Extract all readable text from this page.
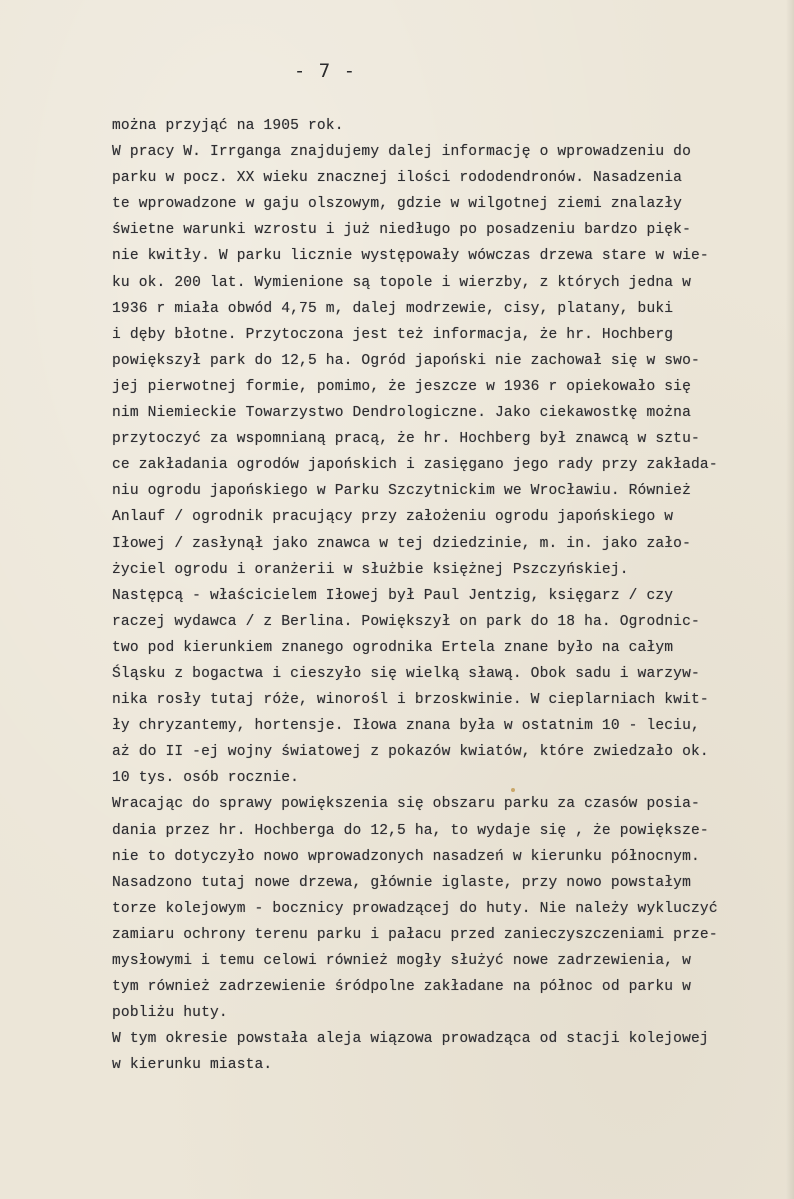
- 7 -
można przyjąć na 1905 rok.
W pracy W. Irrganga znajdujemy dalej informację o wprowadzeniu do
parku w pocz. XX wieku znacznej ilości rododendronów. Nasadzenia
te wprowadzone w gaju olszowym, gdzie w wilgotnej ziemi znalazły
świetne warunki wzrostu i już niedługo po posadzeniu bardzo pięk-
nie kwitły. W parku licznie występowały wówczas drzewa stare w wie-
ku ok. 200 lat. Wymienione są topole i wierzby, z których jedna w
1936 r miała obwód 4,75 m, dalej modrzewie, cisy, platany, buki
i dęby błotne. Przytoczona jest też informacja, że hr. Hochberg
powiększył park do 12,5 ha. Ogród japoński nie zachował się w swo-
jej pierwotnej formie, pomimo, że jeszcze w 1936 r opiekowało się
nim Niemieckie Towarzystwo Dendrologiczne. Jako ciekawostkę można
przytoczyć za wspomnianą pracą, że hr. Hochberg był znawcą w sztu-
ce zakładania ogrodów japońskich i zasięgano jego rady przy zakłada-
niu ogrodu japońskiego w Parku Szczytnickim we Wrocławiu. Również
Anlauf / ogrodnik pracujący przy założeniu ogrodu japońskiego w
Iłowej / zasłynął jako znawca w tej dziedzinie, m. in. jako zało-
życiel ogrodu i oranżerii w służbie księżnej Pszczyńskiej.
Następcą - właścicielem Iłowej był Paul Jentzig, księgarz / czy
raczej wydawca / z Berlina. Powiększył on park do 18 ha. Ogrodnic-
two pod kierunkiem znanego ogrodnika Ertela znane było na całym
Śląsku z bogactwa i cieszyło się wielką sławą. Obok sadu i warzyw-
nika rosły tutaj róże, winorośl i brzoskwinie. W cieplarniach kwit-
ły chryzantemy, hortensje. Iłowa znana była w ostatnim 10 - leciu,
aż do II -ej wojny światowej z pokazów kwiatów, które zwiedzało ok.
10 tys. osób rocznie.
Wracając do sprawy powiększenia się obszaru parku za czasów posia-
dania przez hr. Hochberga do 12,5 ha, to wydaje się , że powiększe-
nie to dotyczyło nowo wprowadzonych nasadzeń w kierunku północnym.
Nasadzono tutaj nowe drzewa, głównie iglaste, przy nowo powstałym
torze kolejowym - bocznicy prowadzącej do huty. Nie należy wykluczyć
zamiaru ochrony terenu parku i pałacu przed zanieczyszczeniami prze-
mysłowymi i temu celowi również mogły służyć nowe zadrzewienia, w
tym również zadrzewienie śródpolne zakładane na północ od parku w
pobliżu huty.
W tym okresie powstała aleja wiązowa prowadząca od stacji kolejowej
w kierunku miasta.
